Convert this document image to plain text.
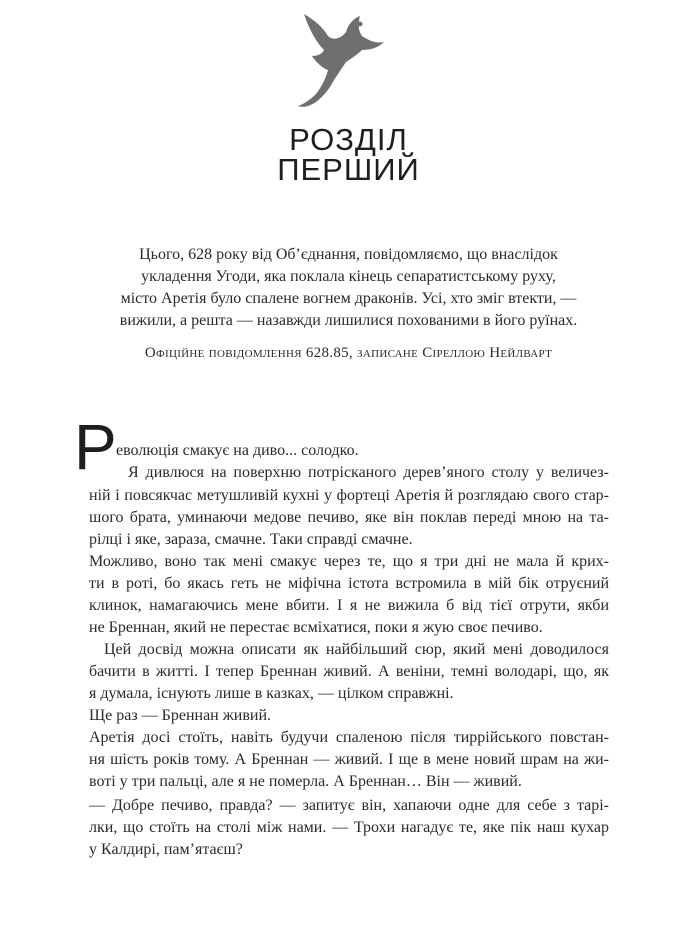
РОЗДІЛ
ПЕРШИЙ
Цього, 628 року від Об’єднання, повідомляємо, що внаслідок
укладення Угоди, яка поклала кінець сепаратистському руху,
місто Аретія було спалене вогнем драконів. Усі, хто зміг втекти, —
вижили, а решта — назавжди лишилися похованими в його руїнах.
Офіційне повідомлення 628.85, записане Сіреллою Нейлварт
Р еволюція смакує на диво... солодко.
Я дивлюся на поверхню потрісканого дерев’яного столу у величез-
ній і повсякчас метушливій кухні у фортеці Аретія й розглядаю свого стар-
шого брата, уминаючи медове печиво, яке він поклав переді мною на та-
рілці і яке, зараза, смачне. Таки справді смачне.
Можливо, воно так мені смакує через те, що я три дні не мала й крих-
ти в роті, бо якась геть не міфічна істота встромила в мій бік отруєний
клинок, намагаючись мене вбити. І я не вижила б від тієї отрути, якби
не Бреннан, який не перестає всміхатися, поки я жую своє печиво.
Цей досвід можна описати як найбільший сюр, який мені доводилося
бачити в житті. І тепер Бреннан живий. А веніни, темні володарі, що, як
я думала, існують лише в казках, — цілком справжні.
Ще раз — Бреннан живий.
Аретія досі стоїть, навіть будучи спаленою після тиррійського повстан-
ня шість років тому. А Бреннан — живий. І ще в мене новий шрам на жи-
воті у три пальці, але я не померла. А Бреннан… Він — живий.
— Добре печиво, правда? — запитує він, хапаючи одне для себе з тарі-
лки, що стоїть на столі між нами. — Трохи нагадує те, яке пік наш кухар
у Калдирі, пам’ятаєш?
